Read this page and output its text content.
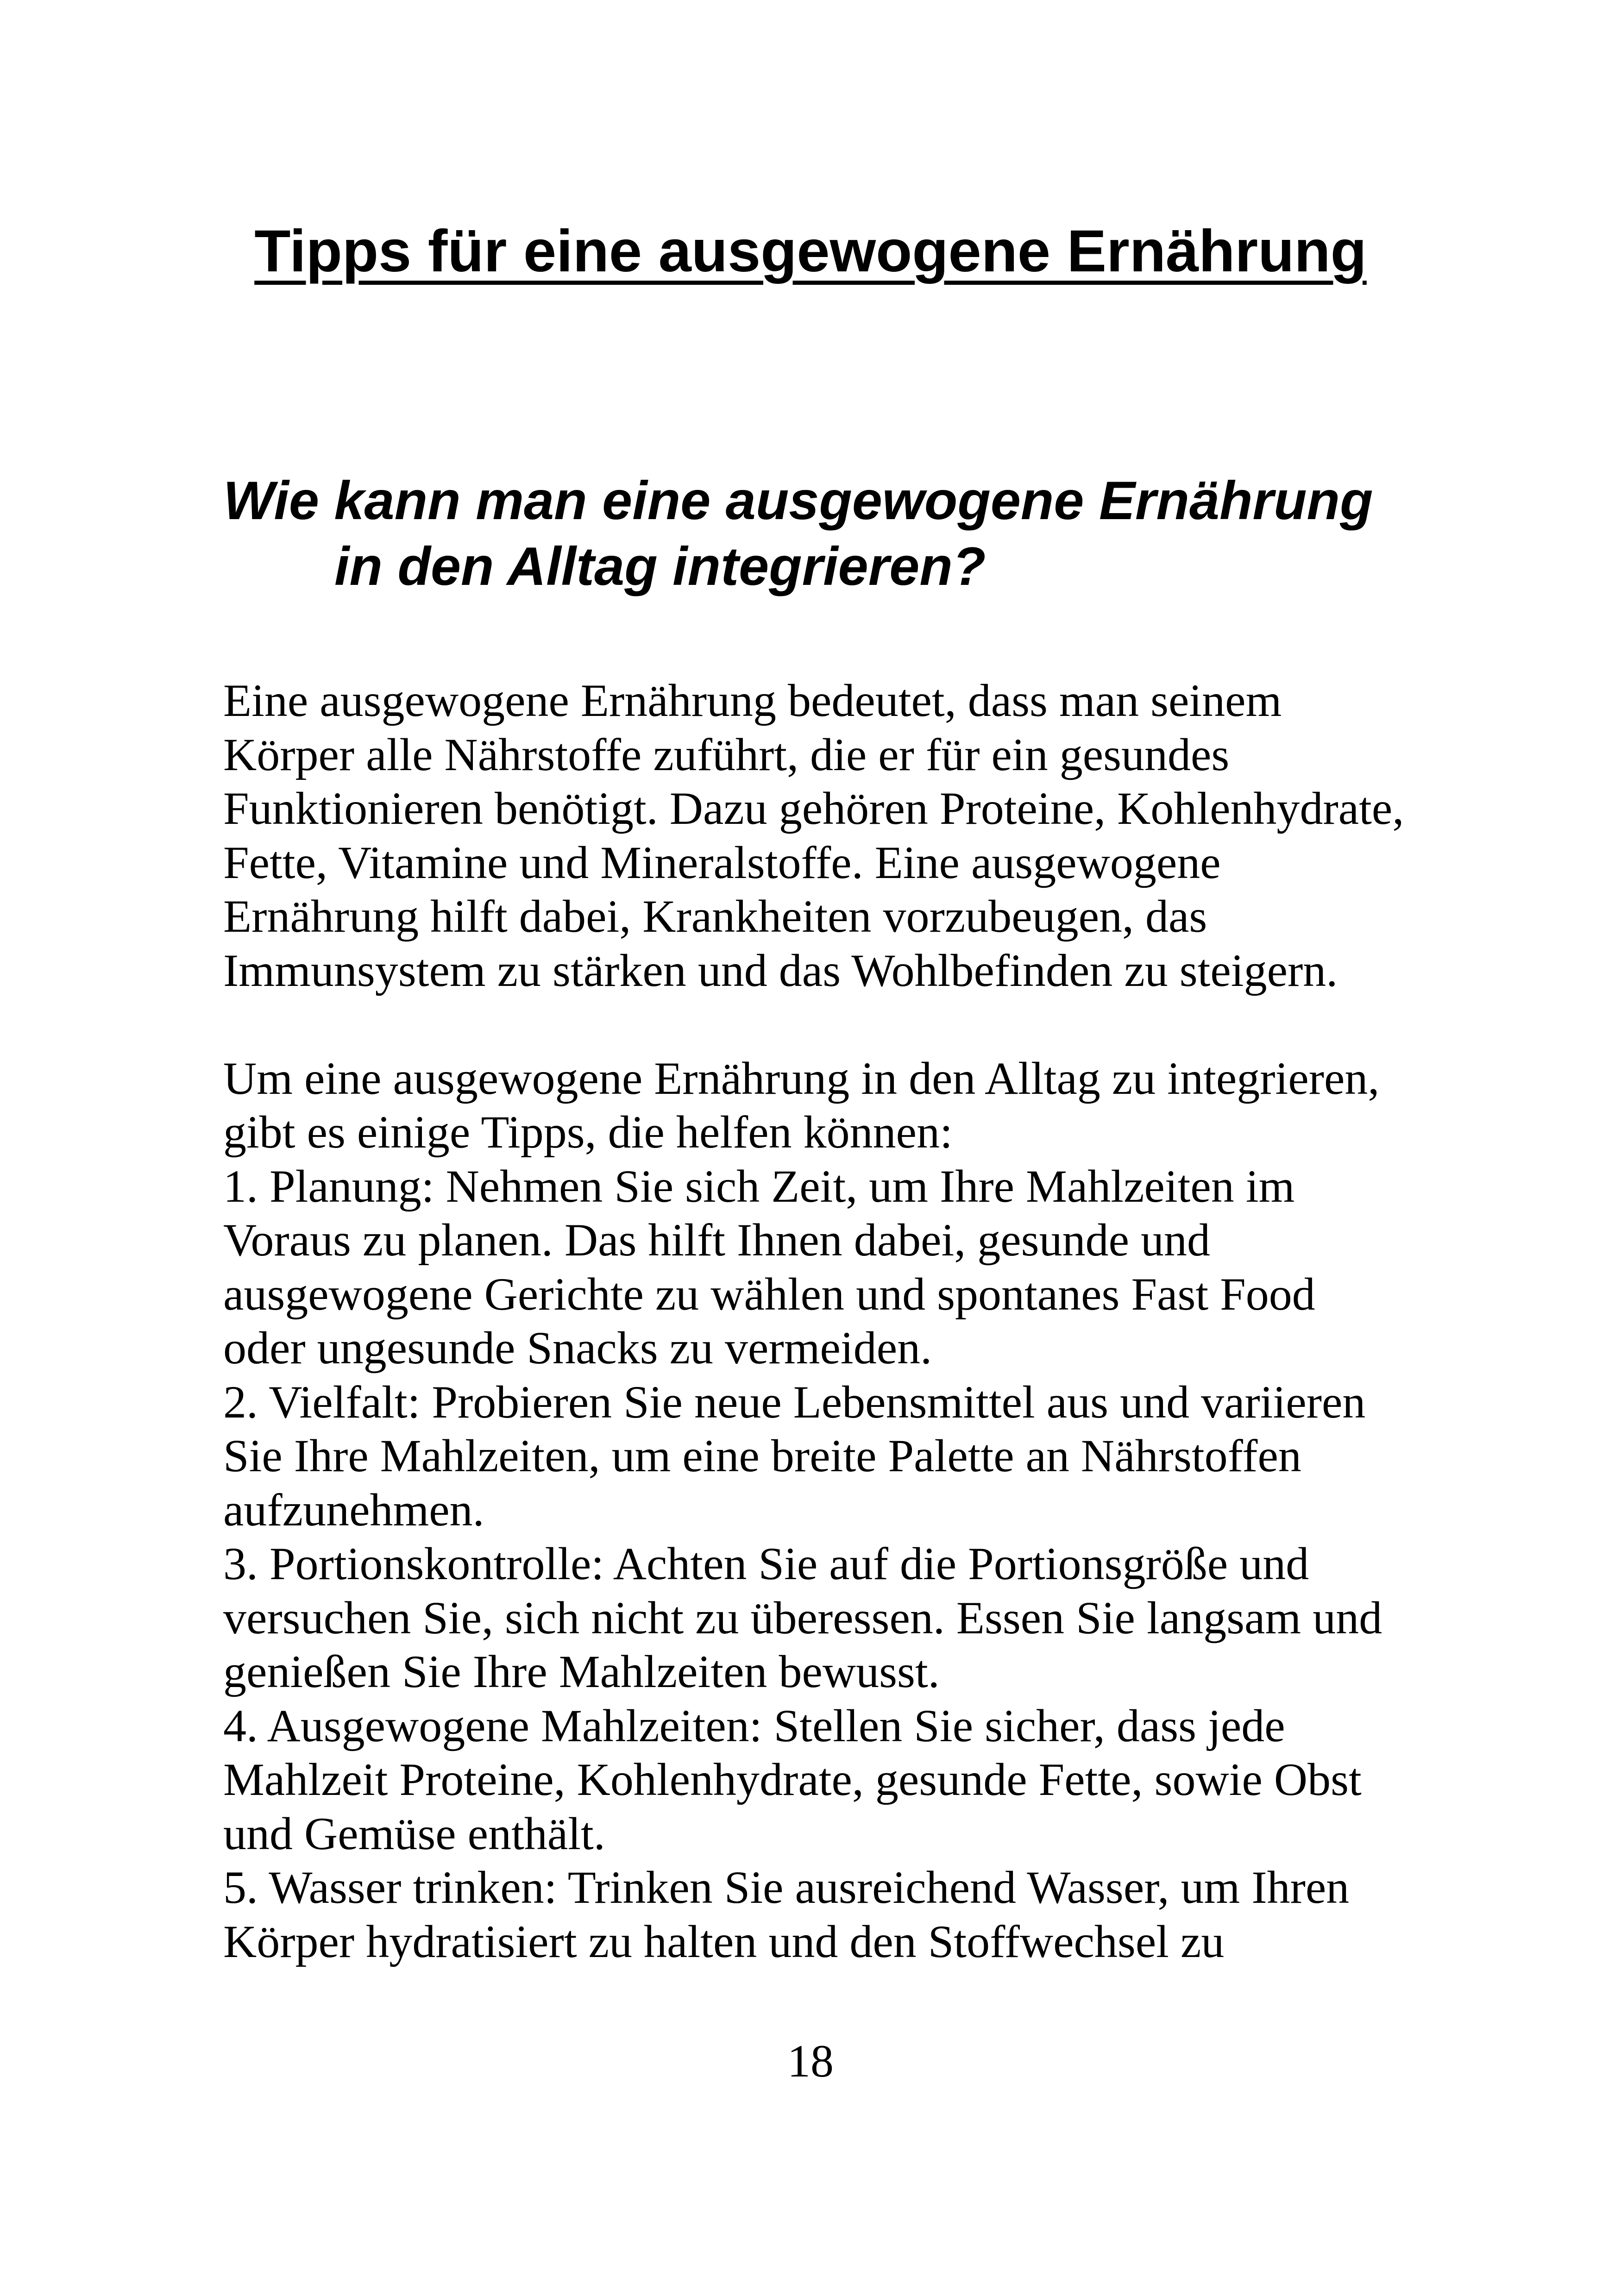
Tipps für eine ausgewogene Ernährung
Wie kann man eine ausgewogene Ernährung
in den Alltag integrieren?
Eine ausgewogene Ernährung bedeutet, dass man seinem
Körper alle Nährstoffe zuführt, die er für ein gesundes
Funktionieren benötigt. Dazu gehören Proteine, Kohlenhydrate,
Fette, Vitamine und Mineralstoffe. Eine ausgewogene
Ernährung hilft dabei, Krankheiten vorzubeugen, das
Immunsystem zu stärken und das Wohlbefinden zu steigern.
Um eine ausgewogene Ernährung in den Alltag zu integrieren,
gibt es einige Tipps, die helfen können:
1. Planung: Nehmen Sie sich Zeit, um Ihre Mahlzeiten im
Voraus zu planen. Das hilft Ihnen dabei, gesunde und
ausgewogene Gerichte zu wählen und spontanes Fast Food
oder ungesunde Snacks zu vermeiden.
2. Vielfalt: Probieren Sie neue Lebensmittel aus und variieren
Sie Ihre Mahlzeiten, um eine breite Palette an Nährstoffen
aufzunehmen.
3. Portionskontrolle: Achten Sie auf die Portionsgröße und
versuchen Sie, sich nicht zu überessen. Essen Sie langsam und
genießen Sie Ihre Mahlzeiten bewusst.
4. Ausgewogene Mahlzeiten: Stellen Sie sicher, dass jede
Mahlzeit Proteine, Kohlenhydrate, gesunde Fette, sowie Obst
und Gemüse enthält.
5. Wasser trinken: Trinken Sie ausreichend Wasser, um Ihren
Körper hydratisiert zu halten und den Stoffwechsel zu
18
